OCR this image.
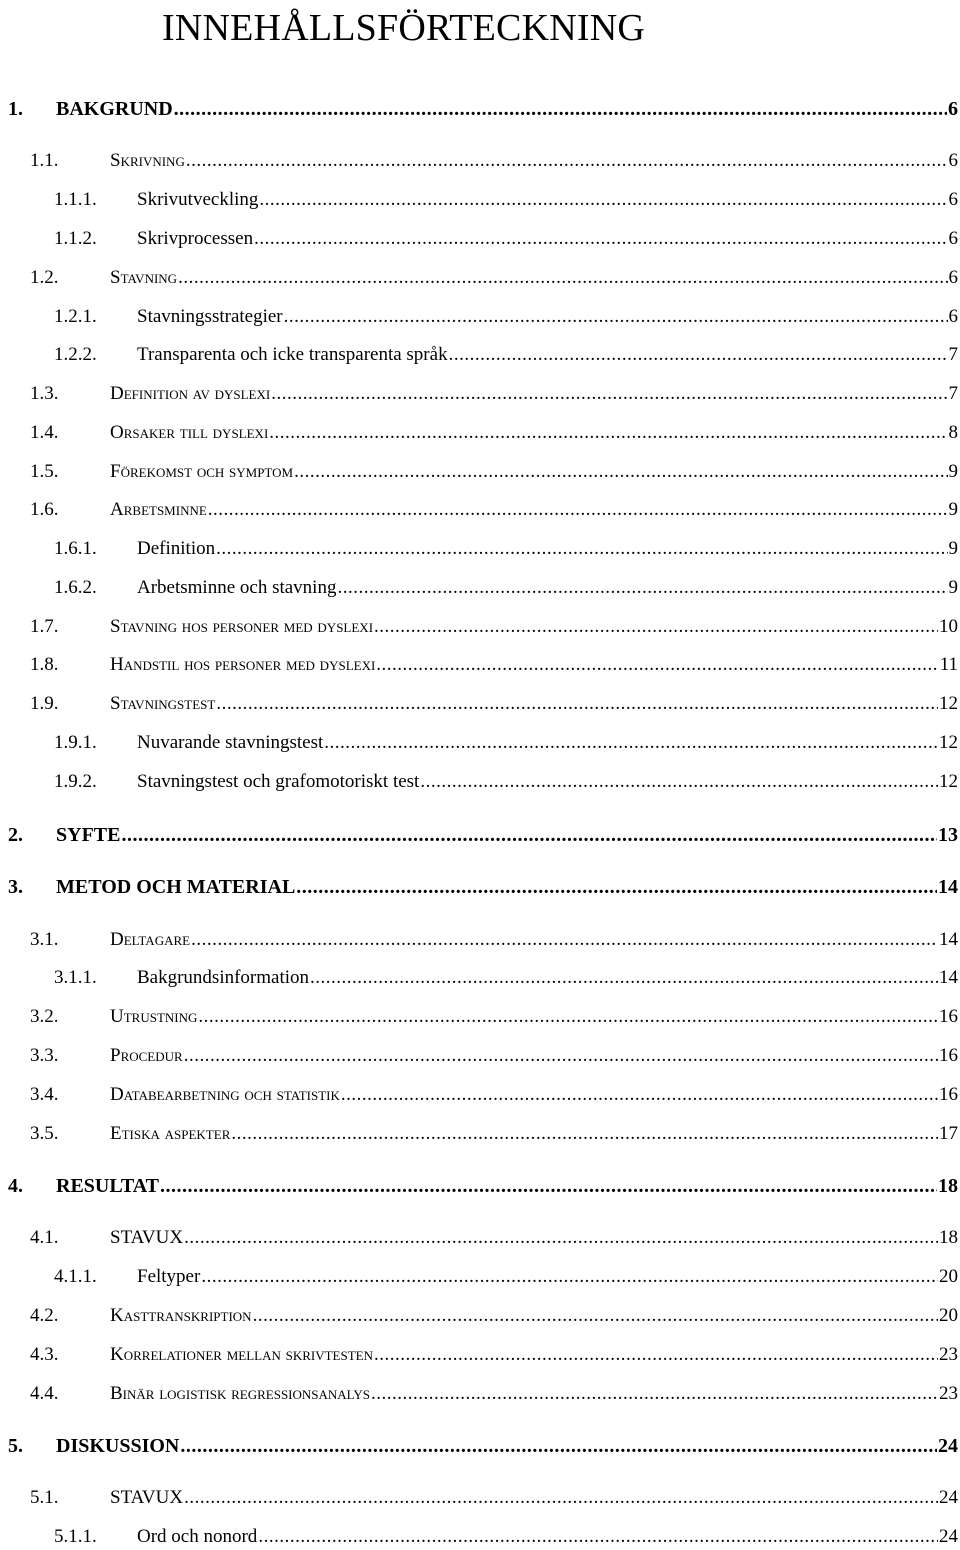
INNEHÅLLSFÖRTECKNING
1. BAKGRUND .....	6
1.1.	Skrivning .....	6
1.1.1. Skrivutveckling .....	6
1.1.2. Skrivprocessen .....	6
1.2.	Stavning .....	6
1.2.1. Stavningsstrategier .....	6
1.2.2. Transparenta och icke transparenta språk .....	7
1.3.	Definition av dyslexi .....	7
1.4.	Orsaker till dyslexi .....	8
1.5.	Förekomst och symptom .....	9
1.6.	Arbetsminne .....	9
1.6.1. Definition .....	9
1.6.2. Arbetsminne och stavning .....	9
1.7.	Stavning hos personer med dyslexi .....	10
1.8.	Handstil hos personer med dyslexi .....	11
1.9.	Stavningstest .....	12
1.9.1. Nuvarande stavningstest .....	12
1.9.2. Stavningstest och grafomotoriskt test .....	12
2. SYFTE .....	13
3. METOD OCH MATERIAL .....	14
3.1.	Deltagare .....	14
3.1.1. Bakgrundsinformation .....	14
3.2.	Utrustning .....	16
3.3.	Procedur .....	16
3.4.	Databearbetning och statistik .....	16
3.5.	Etiska aspekter .....	17
4. RESULTAT .....	18
4.1.	STAVUX .....	18
4.1.1. Feltyper .....	20
4.2.	Kasttranskription .....	20
4.3.	Korrelationer mellan skrivtesten .....	23
4.4.	Binär logistisk regressionsanalys .....	23
5. DISKUSSION .....	24
5.1.	STAVUX .....	24
5.1.1. Ord och nonord .....	24
